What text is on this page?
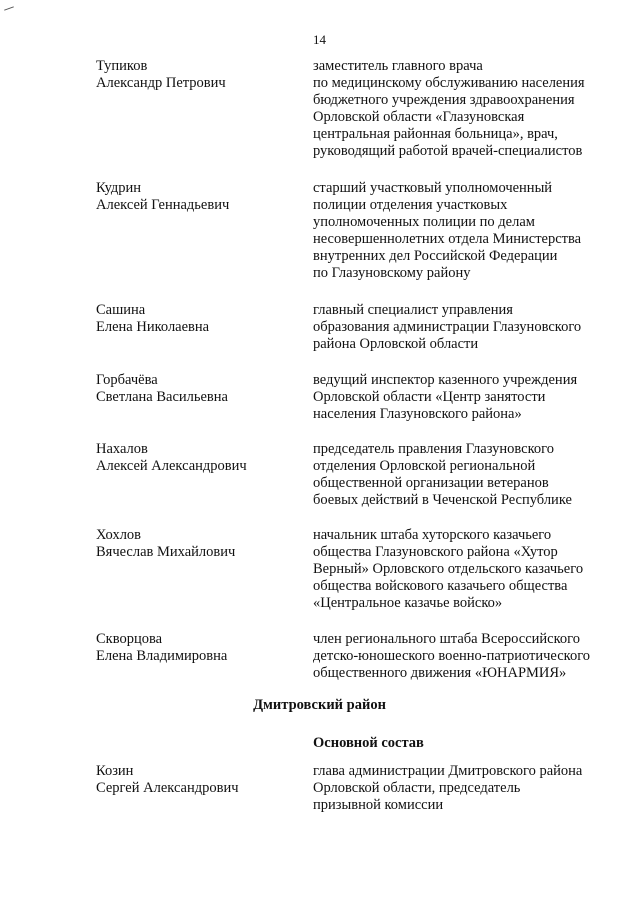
14
Тупиков
Александр Петрович
заместитель главного врача
по медицинскому обслуживанию населения
бюджетного учреждения здравоохранения
Орловской области «Глазуновская
центральная районная больница», врач,
руководящий работой врачей-специалистов
Кудрин
Алексей Геннадьевич
старший участковый уполномоченный
полиции отделения участковых
уполномоченных полиции по делам
несовершеннолетних отдела Министерства
внутренних дел Российской Федерации
по Глазуновскому району
Сашина
Елена Николаевна
главный специалист управления
образования администрации Глазуновского
района Орловской области
Горбачёва
Светлана Васильевна
ведущий инспектор казенного учреждения
Орловской области «Центр занятости
населения Глазуновского района»
Нахалов
Алексей Александрович
председатель правления Глазуновского
отделения Орловской региональной
общественной организации ветеранов
боевых действий в Чеченской Республике
Хохлов
Вячеслав Михайлович
начальник штаба хуторского казачьего
общества Глазуновского района «Хутор
Верный» Орловского отдельского казачьего
общества войскового казачьего общества
«Центральное казачье войско»
Скворцова
Елена Владимировна
член регионального штаба Всероссийского
детско-юношеского военно-патриотического
общественного движения «ЮНАРМИЯ»
Дмитровский район
Основной состав
Козин
Сергей Александрович
глава администрации Дмитровского района
Орловской области, председатель
призывной комиссии
